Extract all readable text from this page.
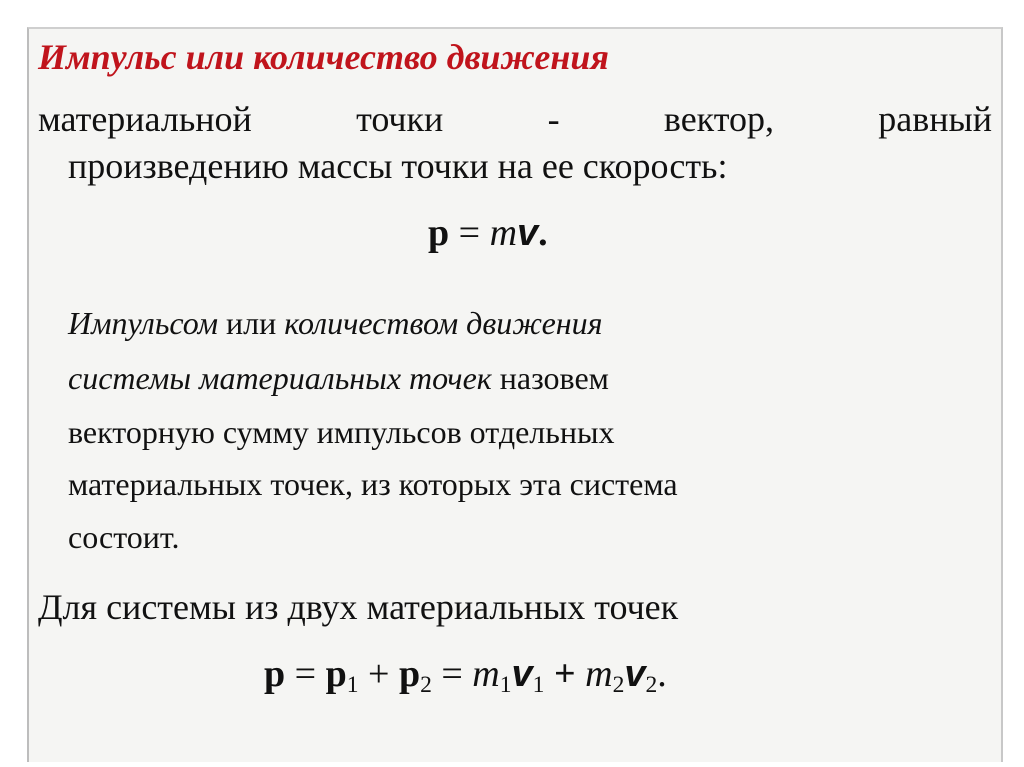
Импульс или количество движения
материальной	точки	-	вектор,	равный
произведению массы точки на ее скорость:
p = mv.
Импульсом или количеством движения
системы материальных точек назовем
векторную сумму импульсов отдельных
материальных точек, из которых эта система
состоит.
Для системы из двух материальных точек
$p = p_1 + p_2 = m_1v_1 + m_2v_2$.
